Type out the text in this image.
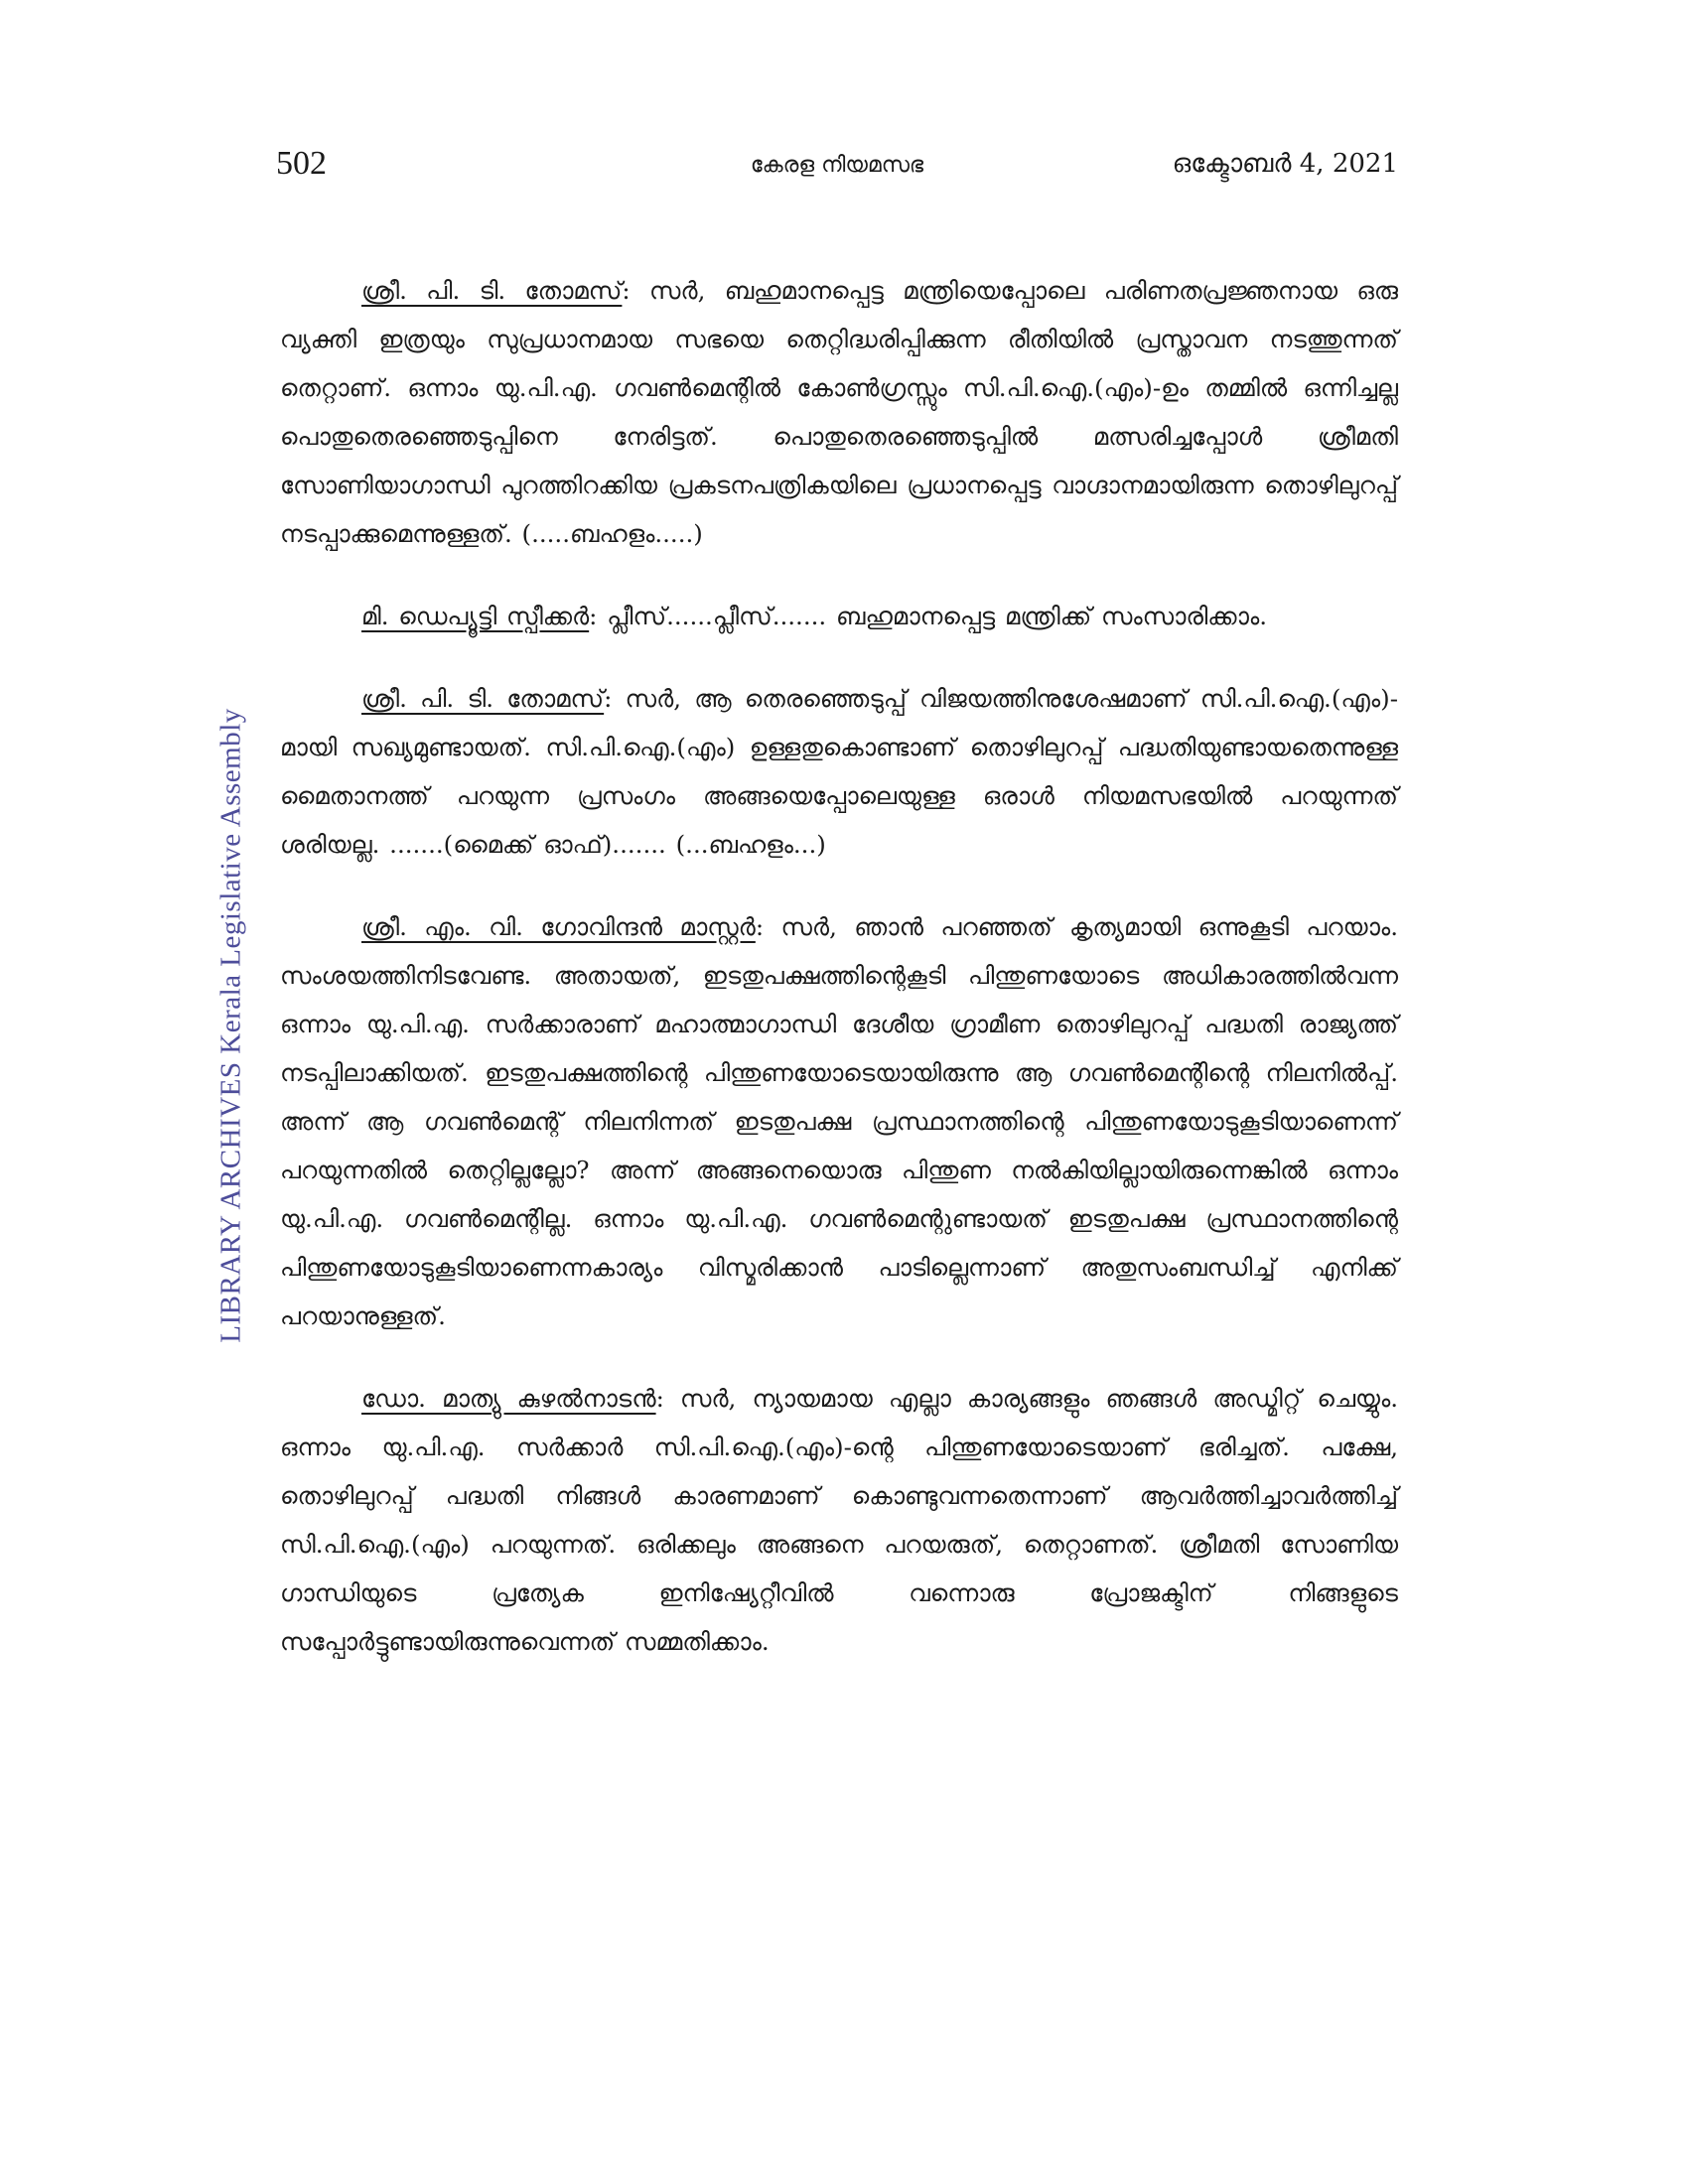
502	കേരള നിയമസഭ	ഒക്ടോബർ 4, 2021
LIBRARY ARCHIVES Kerala Legislative Assembly

ശ്രീ. പി. ടി. തോമസ്: സർ, ബഹുമാനപ്പെട്ട മന്ത്രിയെപ്പോലെ പരിണതപ്രജ്ഞനായ ഒരു വ്യക്തി ഇത്രയും സുപ്രധാനമായ സഭയെ തെറ്റിദ്ധരിപ്പിക്കുന്ന രീതിയിൽ പ്രസ്താവന നടത്തുന്നത് തെറ്റാണ്. ഒന്നാം യു.പി.എ. ഗവൺമെന്റിൽ കോൺഗ്രസ്സും സി.പി.ഐ.(എം)-ഉം തമ്മിൽ ഒന്നിച്ചല്ല പൊതുതെരഞ്ഞെടുപ്പിനെ നേരിട്ടത്. പൊതുതെരഞ്ഞെടുപ്പിൽ മത്സരിച്ചപ്പോൾ ശ്രീമതി സോണിയാഗാന്ധി പുറത്തിറക്കിയ പ്രകടനപത്രികയിലെ പ്രധാനപ്പെട്ട വാഗ്ദാനമായിരുന്ന തൊഴിലുറപ്പ് നടപ്പാക്കുമെന്നുള്ളത്. (.....ബഹളം.....)

മി. ഡെപ്യൂട്ടി സ്പീക്കർ: പ്ലീസ്......പ്ലീസ്....... ബഹുമാനപ്പെട്ട മന്ത്രിക്ക് സംസാരിക്കാം.

ശ്രീ. പി. ടി. തോമസ്: സർ, ആ തെരഞ്ഞെടുപ്പ് വിജയത്തിനുശേഷമാണ് സി.പി.ഐ.(എം)-മായി സഖ്യമുണ്ടായത്. സി.പി.ഐ.(എം) ഉള്ളതുകൊണ്ടാണ് തൊഴിലുറപ്പ് പദ്ധതിയുണ്ടായതെന്നുള്ള മൈതാനത്ത് പറയുന്ന പ്രസംഗം അങ്ങയെപ്പോലെയുള്ള ഒരാൾ നിയമസഭയിൽ പറയുന്നത് ശരിയല്ല. .......(മൈക്ക് ഓഫ്)....... (...ബഹളം...)

ശ്രീ. എം. വി. ഗോവിന്ദൻ മാസ്റ്റർ: സർ, ഞാൻ പറഞ്ഞത് കൃത്യമായി ഒന്നുകൂടി പറയാം. സംശയത്തിനിടവേണ്ട. അതായത്, ഇടതുപക്ഷത്തിന്റെകൂടി പിന്തുണയോടെ അധികാരത്തിൽവന്ന ഒന്നാം യു.പി.എ. സർക്കാരാണ് മഹാത്മാഗാന്ധി ദേശീയ ഗ്രാമീണ തൊഴിലുറപ്പ് പദ്ധതി രാജ്യത്ത് നടപ്പിലാക്കിയത്. ഇടതുപക്ഷത്തിന്റെ പിന്തുണയോടെയായിരുന്നു ആ ഗവൺമെന്റിന്റെ നിലനിൽപ്പ്. അന്ന് ആ ഗവൺമെന്റ് നിലനിന്നത് ഇടതുപക്ഷ പ്രസ്ഥാനത്തിന്റെ പിന്തുണയോടുകൂടിയാണെന്ന് പറയുന്നതിൽ തെറ്റില്ലല്ലോ? അന്ന് അങ്ങനെയൊരു പിന്തുണ നൽകിയില്ലായിരുന്നെങ്കിൽ ഒന്നാം യു.പി.എ. ഗവൺമെന്റില്ല. ഒന്നാം യു.പി.എ. ഗവൺമെന്റുണ്ടായത് ഇടതുപക്ഷ പ്രസ്ഥാനത്തിന്റെ പിന്തുണയോടുകൂടിയാണെന്നകാര്യം വിസ്മരിക്കാൻ പാടില്ലെന്നാണ് അതുസംബന്ധിച്ച് എനിക്ക് പറയാനുള്ളത്.

ഡോ. മാത്യു കുഴൽനാടൻ: സർ, ന്യായമായ എല്ലാ കാര്യങ്ങളും ഞങ്ങൾ അഡ്മിറ്റ് ചെയ്യും. ഒന്നാം യു.പി.എ. സർക്കാർ സി.പി.ഐ.(എം)-ന്റെ പിന്തുണയോടെയാണ് ഭരിച്ചത്. പക്ഷേ, തൊഴിലുറപ്പ് പദ്ധതി നിങ്ങൾ കാരണമാണ് കൊണ്ടുവന്നതെന്നാണ് ആവർത്തിച്ചാവർത്തിച്ച് സി.പി.ഐ.(എം) പറയുന്നത്. ഒരിക്കലും അങ്ങനെ പറയരുത്, തെറ്റാണത്. ശ്രീമതി സോണിയ ഗാന്ധിയുടെ പ്രത്യേക ഇനിഷ്യേറ്റീവിൽ വന്നൊരു പ്രോജക്ടിന് നിങ്ങളുടെ സപ്പോർട്ടുണ്ടായിരുന്നുവെന്നത് സമ്മതിക്കാം.
